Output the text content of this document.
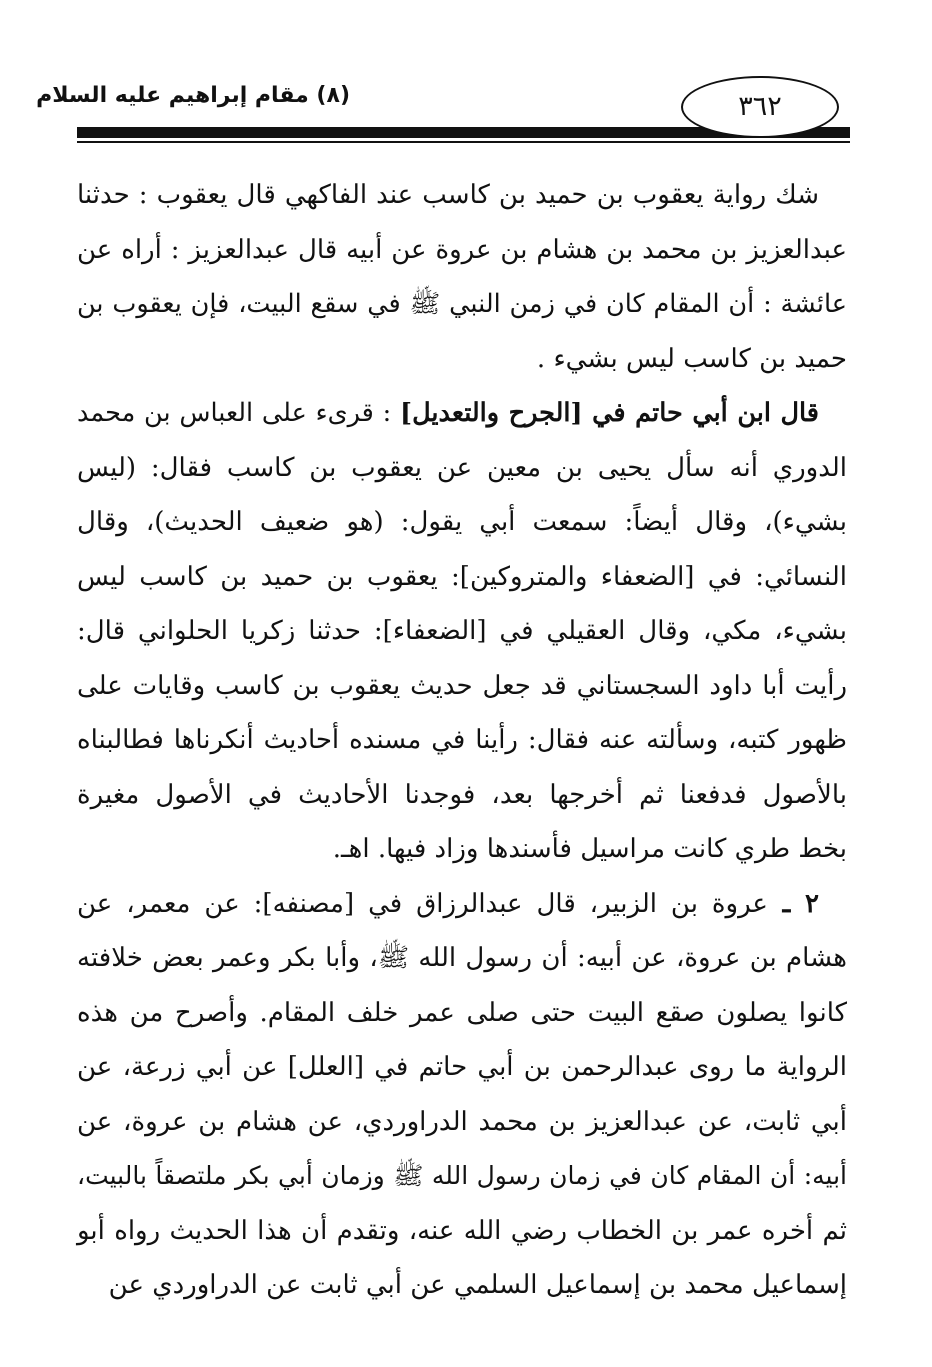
(٨) مقام إبراهيم عليه السلام	٣٦٢
شك رواية يعقوب بن حميد بن كاسب عند الفاكهي قال يعقوب : حدثنا
عبدالعزيز بن محمد بن هشام بن عروة عن أبيه قال عبدالعزيز : أراه عن
عائشة : أن المقام كان في زمن النبي ﷺ في سقع البيت، فإن يعقوب بن
حميد بن كاسب ليس بشيء .
قال ابن أبي حاتم في [الجرح والتعديل] : قرىء على العباس بن محمد
الدوري أنه سأل يحيى بن معين عن يعقوب بن كاسب فقال: (ليس
بشيء)، وقال أيضاً: سمعت أبي يقول: (هو ضعيف الحديث)، وقال
النسائي: في [الضعفاء والمتروكين]: يعقوب بن حميد بن كاسب ليس
بشيء، مكي، وقال العقيلي في [الضعفاء]: حدثنا زكريا الحلواني قال:
رأيت أبا داود السجستاني قد جعل حديث يعقوب بن كاسب وقايات على
ظهور كتبه، وسألته عنه فقال: رأينا في مسنده أحاديث أنكرناها فطالبناه
بالأصول فدفعنا ثم أخرجها بعد، فوجدنا الأحاديث في الأصول مغيرة
بخط طري كانت مراسيل فأسندها وزاد فيها. اهـ.
٢ ـ عروة بن الزبير، قال عبدالرزاق في [مصنفه]: عن معمر، عن
هشام بن عروة، عن أبيه: أن رسول الله ﷺ، وأبا بكر وعمر بعض خلافته
كانوا يصلون صقع البيت حتى صلى عمر خلف المقام. وأصرح من هذه
الرواية ما روى عبدالرحمن بن أبي حاتم في [العلل] عن أبي زرعة، عن
أبي ثابت، عن عبدالعزيز بن محمد الدراوردي، عن هشام بن عروة، عن
أبيه: أن المقام كان في زمان رسول الله ﷺ وزمان أبي بكر ملتصقاً بالبيت،
ثم أخره عمر بن الخطاب رضي الله عنه، وتقدم أن هذا الحديث رواه أبو
إسماعيل محمد بن إسماعيل السلمي عن أبي ثابت عن الدراوردي عن
